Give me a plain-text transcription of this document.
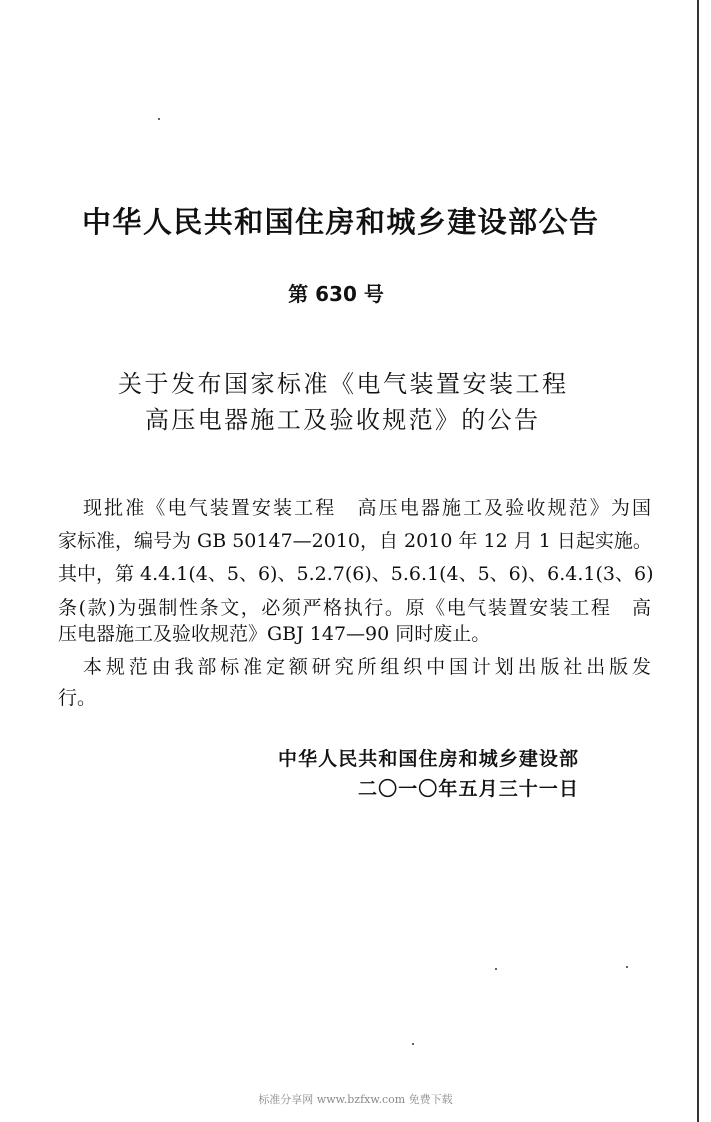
中华人民共和国住房和城乡建设部公告
第 630 号
关于发布国家标准《电气装置安装工程
高压电器施工及验收规范》的公告
现批准《电气装置安装工程　高压电器施工及验收规范》为国
家标准，编号为 GB 50147—2010，自 2010 年 12 月 1 日起实施。
其中，第 4.4.1(4、5、6)、5.2.7(6)、5.6.1(4、5、6)、6.4.1(3、6)
条(款)为强制性条文，必须严格执行。原《电气装置安装工程　高
压电器施工及验收规范》GBJ 147—90 同时废止。
本规范由我部标准定额研究所组织中国计划出版社出版发
行。
中华人民共和国住房和城乡建设部
二〇一〇年五月三十一日
标准分享网 www.bzfxw.com 免费下载
